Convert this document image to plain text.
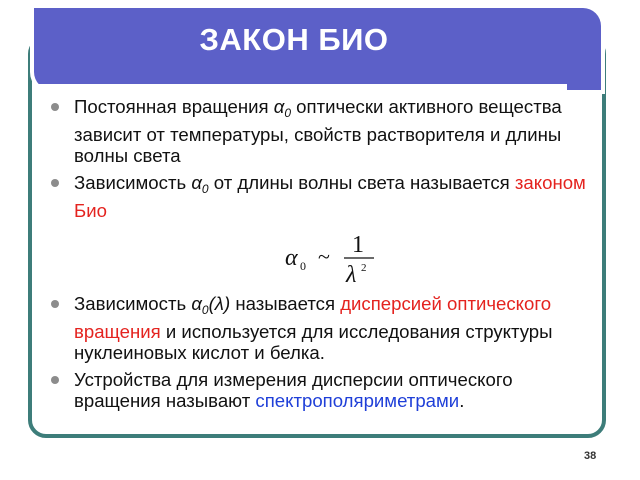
ЗАКОН БИО
Постоянная вращения $\alpha_0$ оптически активного вещества зависит от температуры, свойств растворителя и длины волны света
Зависимость $\alpha_0$ от длины волны света называется законом Био
α 0 ~ 1
λ 2
Зависимость $\alpha_0(\lambda)$ называется дисперсией оптического вращения и используется для исследования структуры нуклеиновых кислот и белка.
Устройства для измерения дисперсии оптического вращения называют спектрополяриметрами.
38
